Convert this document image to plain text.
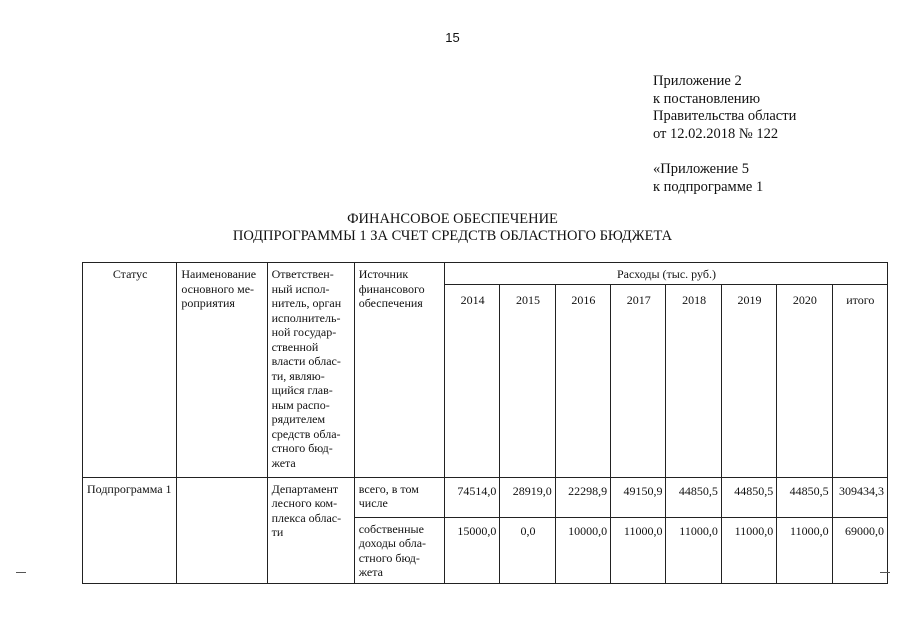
15
Приложение 2
к постановлению
Правительства области
от 12.02.2018 № 122
«Приложение 5
к подпрограмме 1
ФИНАНСОВОЕ ОБЕСПЕЧЕНИЕ
ПОДПРОГРАММЫ 1 ЗА СЧЕТ СРЕДСТВ ОБЛАСТНОГО БЮДЖЕТА
Статус	Наименование основного ме-роприятия	Ответствен-ный испол-нитель, орган исполнитель-ной государ-ственной власти облас-ти, являю-щийся глав-ным распо-рядителем средств обла-стного бюд-жета	Источник финансового обеспечения	Расходы (тыс. руб.)							
				2014	2015	2016	2017	2018	2019	2020	итого
Подпрограмма 1		Департамент лесного ком-плекса облас-ти	всего, в том числе	74514,0	28919,0	22298,9	49150,9	44850,5	44850,5	44850,5	309434,3
			собственные доходы обла-стного бюд-жета	15000,0	0,0	10000,0	11000,0	11000,0	11000,0	11000,0	69000,0
